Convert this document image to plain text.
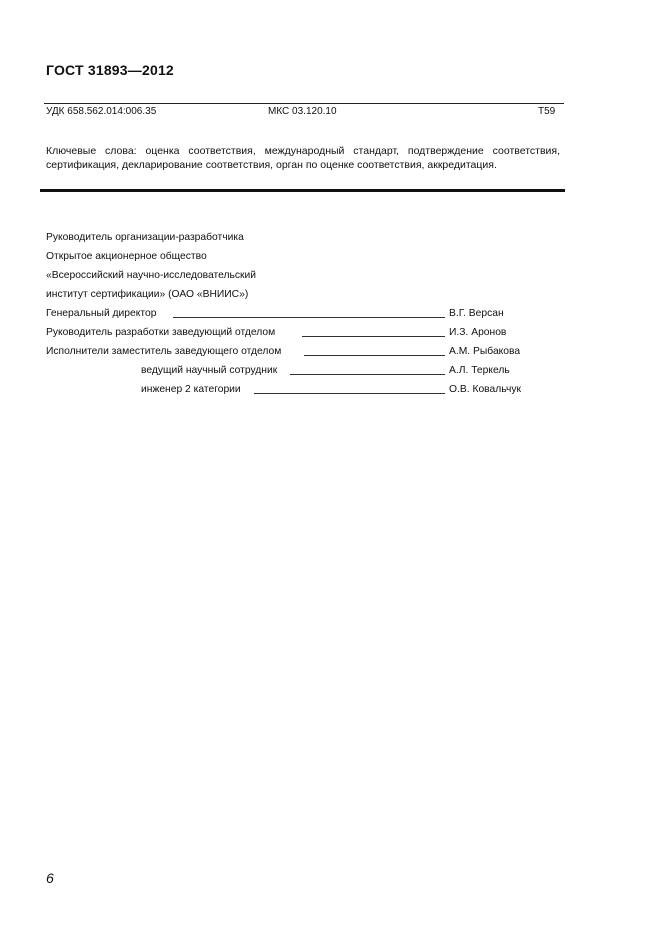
ГОСТ 31893—2012
УДК 658.562.014:006.35	МКС 03.120.10	Т59
Ключевые слова: оценка соответствия, международный стандарт, подтверждение соответствия, сертификация, декларирование соответствия, орган по оценке соответствия, аккредитация.
Руководитель организации-разработчика
Открытое акционерное общество
«Всероссийский научно-исследовательский
институт сертификации» (ОАО «ВНИИС»)
Генеральный директор	В.Г. Версан
Руководитель разработки заведующий отделом	И.З. Аронов
Исполнители заместитель заведующего отделом	А.М. Рыбакова
ведущий научный сотрудник	А.Л. Теркель
инженер 2 категории	О.В. Ковальчук
6
